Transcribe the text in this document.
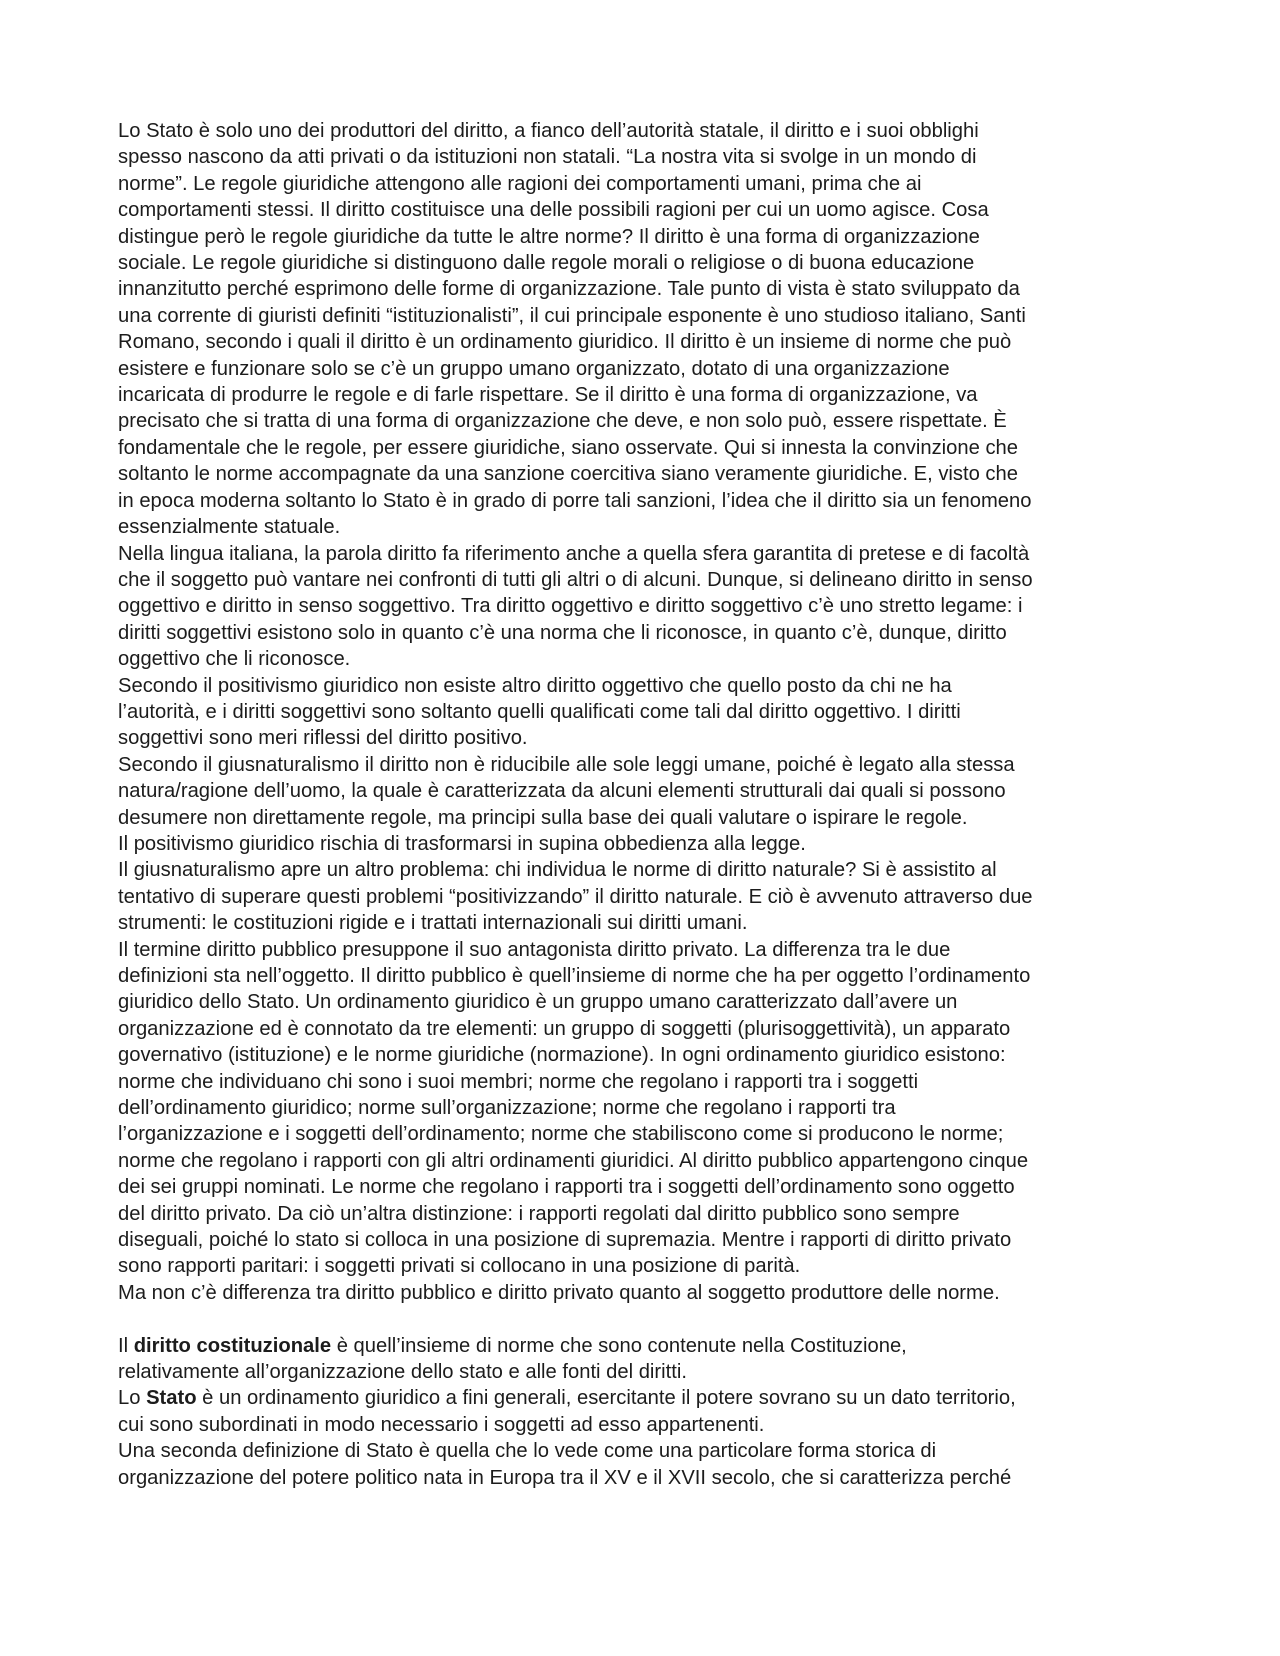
Lo Stato è solo uno dei produttori del diritto, a fianco dell’autorità statale, il diritto e i suoi obblighi
spesso nascono da atti privati o da istituzioni non statali. “La nostra vita si svolge in un mondo di
norme”. Le regole giuridiche attengono alle ragioni dei comportamenti umani, prima che ai
comportamenti stessi. Il diritto costituisce una delle possibili ragioni per cui un uomo agisce. Cosa
distingue però le regole giuridiche da tutte le altre norme? Il diritto è una forma di organizzazione
sociale. Le regole giuridiche si distinguono dalle regole morali o religiose o di buona educazione
innanzitutto perché esprimono delle forme di organizzazione. Tale punto di vista è stato sviluppato da
una corrente di giuristi definiti “istituzionalisti”, il cui principale esponente è uno studioso italiano, Santi
Romano, secondo i quali il diritto è un ordinamento giuridico. Il diritto è un insieme di norme che può
esistere e funzionare solo se c’è un gruppo umano organizzato, dotato di una organizzazione
incaricata di produrre le regole e di farle rispettare. Se il diritto è una forma di organizzazione, va
precisato che si tratta di una forma di organizzazione che deve, e non solo può, essere rispettate. È
fondamentale che le regole, per essere giuridiche, siano osservate. Qui si innesta la convinzione che
soltanto le norme accompagnate da una sanzione coercitiva siano veramente giuridiche. E, visto che
in epoca moderna soltanto lo Stato è in grado di porre tali sanzioni, l’idea che il diritto sia un fenomeno
essenzialmente statuale.

Nella lingua italiana, la parola diritto fa riferimento anche a quella sfera garantita di pretese e di facoltà
che il soggetto può vantare nei confronti di tutti gli altri o di alcuni. Dunque, si delineano diritto in senso
oggettivo e diritto in senso soggettivo. Tra diritto oggettivo e diritto soggettivo c’è uno stretto legame: i
diritti soggettivi esistono solo in quanto c’è una norma che li riconosce, in quanto c’è, dunque, diritto
oggettivo che li riconosce.

Secondo il positivismo giuridico non esiste altro diritto oggettivo che quello posto da chi ne ha
l’autorità, e i diritti soggettivi sono soltanto quelli qualificati come tali dal diritto oggettivo. I diritti
soggettivi sono meri riflessi del diritto positivo.

Secondo il giusnaturalismo il diritto non è riducibile alle sole leggi umane, poiché è legato alla stessa
natura/ragione dell’uomo, la quale è caratterizzata da alcuni elementi strutturali dai quali si possono
desumere non direttamente regole, ma principi sulla base dei quali valutare o ispirare le regole.

Il positivismo giuridico rischia di trasformarsi in supina obbedienza alla legge.

Il giusnaturalismo apre un altro problema: chi individua le norme di diritto naturale? Si è assistito al
tentativo di superare questi problemi “positivizzando” il diritto naturale. E ciò è avvenuto attraverso due
strumenti: le costituzioni rigide e i trattati internazionali sui diritti umani.

Il termine diritto pubblico presuppone il suo antagonista diritto privato. La differenza tra le due
definizioni sta nell’oggetto. Il diritto pubblico è quell’insieme di norme che ha per oggetto l’ordinamento
giuridico dello Stato. Un ordinamento giuridico è un gruppo umano caratterizzato dall’avere un
organizzazione ed è connotato da tre elementi: un gruppo di soggetti (plurisoggettività), un apparato
governativo (istituzione) e le norme giuridiche (normazione). In ogni ordinamento giuridico esistono:
norme che individuano chi sono i suoi membri; norme che regolano i rapporti tra i soggetti
dell’ordinamento giuridico; norme sull’organizzazione; norme che regolano i rapporti tra
l’organizzazione e i soggetti dell’ordinamento; norme che stabiliscono come si producono le norme;
norme che regolano i rapporti con gli altri ordinamenti giuridici. Al diritto pubblico appartengono cinque
dei sei gruppi nominati. Le norme che regolano i rapporti tra i soggetti dell’ordinamento sono oggetto
del diritto privato. Da ciò un’altra distinzione: i rapporti regolati dal diritto pubblico sono sempre
diseguali, poiché lo stato si colloca in una posizione di supremazia. Mentre i rapporti di diritto privato
sono rapporti paritari: i soggetti privati si collocano in una posizione di parità.

Ma non c’è differenza tra diritto pubblico e diritto privato quanto al soggetto produttore delle norme.

Il diritto costituzionale è quell’insieme di norme che sono contenute nella Costituzione,
relativamente all’organizzazione dello stato e alle fonti del diritti.

Lo Stato è un ordinamento giuridico a fini generali, esercitante il potere sovrano su un dato territorio,
cui sono subordinati in modo necessario i soggetti ad esso appartenenti.

Una seconda definizione di Stato è quella che lo vede come una particolare forma storica di
organizzazione del potere politico nata in Europa tra il XV e il XVII secolo, che si caratterizza perché
